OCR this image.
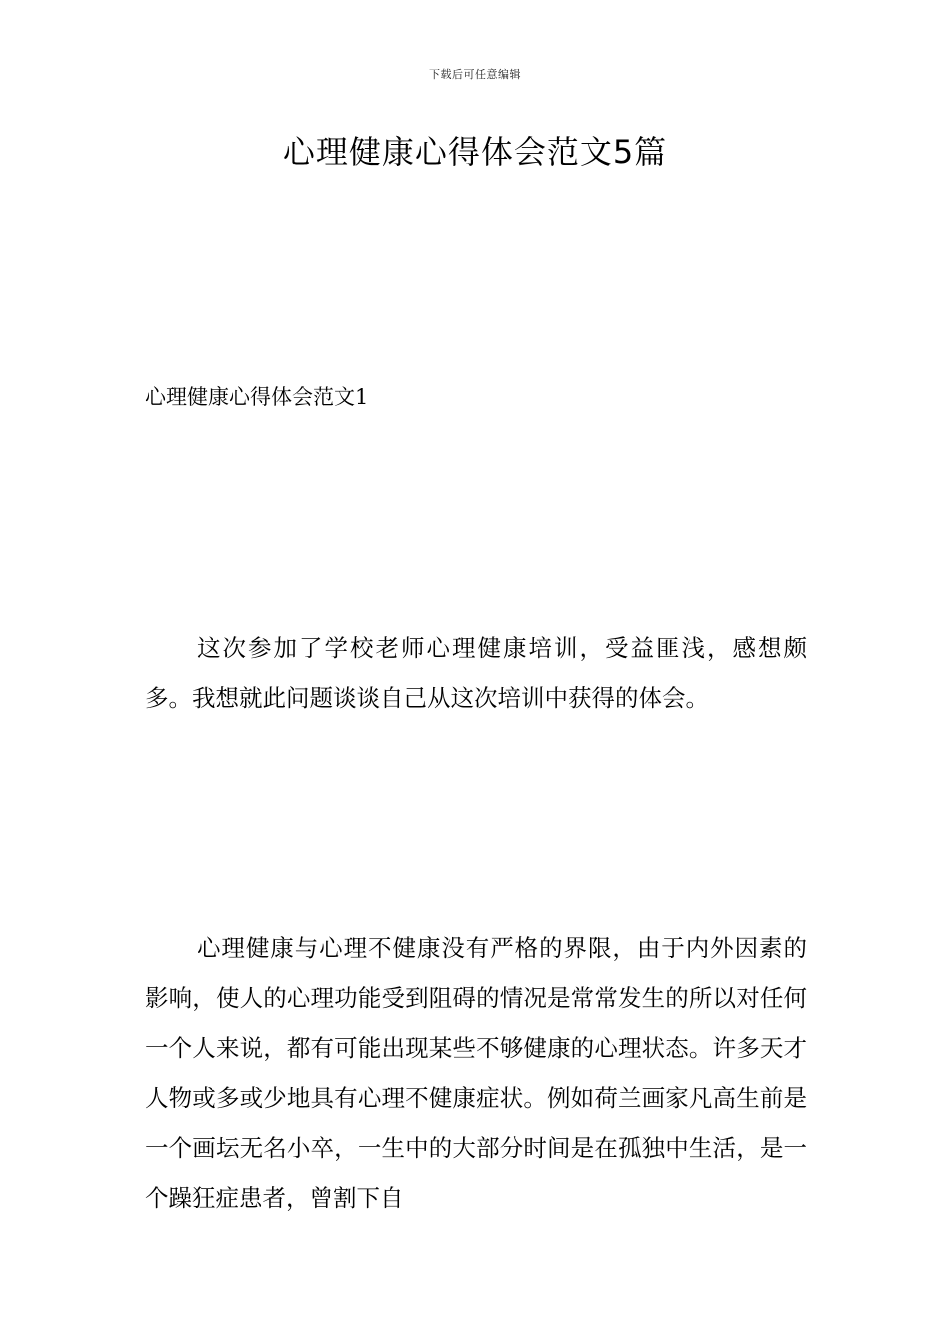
下载后可任意编辑
心理健康心得体会范文5篇
心理健康心得体会范文1

这次参加了学校老师心理健康培训，受益匪浅，感想颇多。我想就此问题谈谈自己从这次培训中获得的体会。

心理健康与心理不健康没有严格的界限，由于内外因素的影响，使人的心理功能受到阻碍的情况是常常发生的所以对任何一个人来说，都有可能出现某些不够健康的心理状态。许多天才人物或多或少地具有心理不健康症状。例如荷兰画家凡高生前是一个画坛无名小卒，一生中的大部分时间是在孤独中生活，是一个躁狂症患者，曾割下自
